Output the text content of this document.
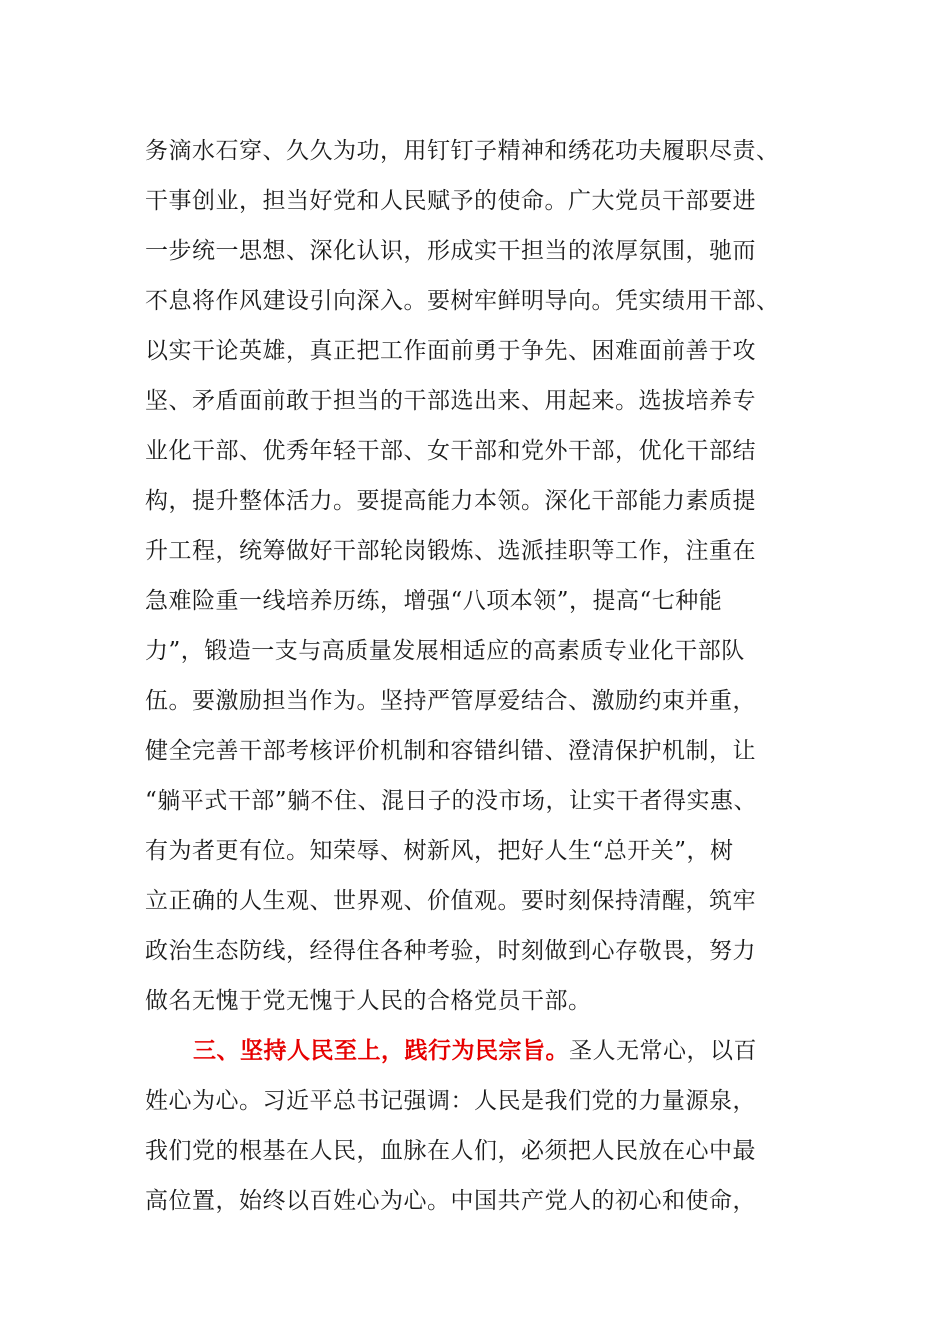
务滴水石穿、久久为功，用钉钉子精神和绣花功夫履职尽责、
干事创业，担当好党和人民赋予的使命。广大党员干部要进
一步统一思想、深化认识，形成实干担当的浓厚氛围，驰而
不息将作风建设引向深入。要树牢鲜明导向。凭实绩用干部、
以实干论英雄，真正把工作面前勇于争先、困难面前善于攻
坚、矛盾面前敢于担当的干部选出来、用起来。选拔培养专
业化干部、优秀年轻干部、女干部和党外干部，优化干部结
构，提升整体活力。要提高能力本领。深化干部能力素质提
升工程，统筹做好干部轮岗锻炼、选派挂职等工作，注重在
急难险重一线培养历练，增强“八项本领”，提高“七种能
力”，锻造一支与高质量发展相适应的高素质专业化干部队
伍。要激励担当作为。坚持严管厚爱结合、激励约束并重，
健全完善干部考核评价机制和容错纠错、澄清保护机制，让
“躺平式干部”躺不住、混日子的没市场，让实干者得实惠、
有为者更有位。知荣辱、树新风，把好人生“总开关”，树
立正确的人生观、世界观、价值观。要时刻保持清醒，筑牢
政治生态防线，经得住各种考验，时刻做到心存敬畏，努力
做名无愧于党无愧于人民的合格党员干部。
三、坚持人民至上，践行为民宗旨。圣人无常心，以百
姓心为心。习近平总书记强调：人民是我们党的力量源泉，
我们党的根基在人民，血脉在人们，必须把人民放在心中最
高位置，始终以百姓心为心。中国共产党人的初心和使命，
